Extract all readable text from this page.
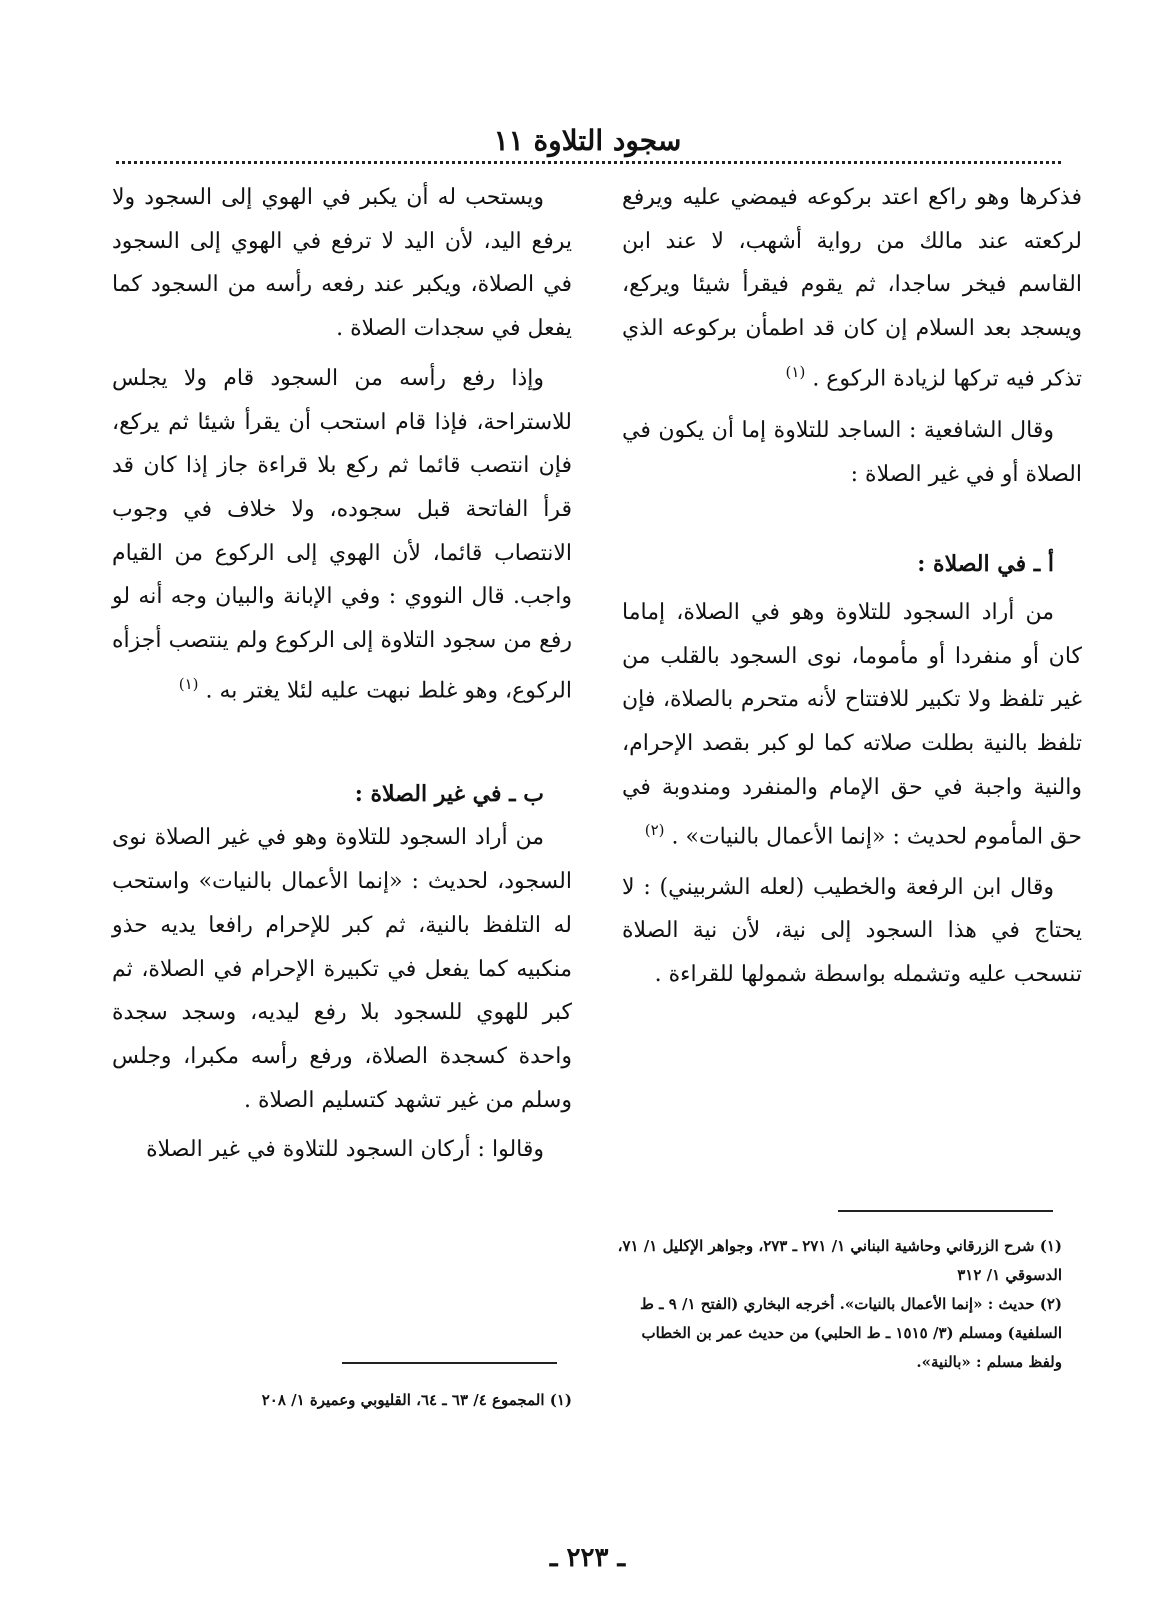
سجود التلاوة ١١

فذكرها وهو راكع اعتد بركوعه فيمضي عليه ويرفع لركعته عند مالك من رواية أشهب، لا عند ابن القاسم فيخر ساجدا، ثم يقوم فيقرأ شيئا ويركع، ويسجد بعد السلام إن كان قد اطمأن بركوعه الذي تذكر فيه تركها لزيادة الركوع . $^{(١)}$

وقال الشافعية : الساجد للتلاوة إما أن يكون في الصلاة أو في غير الصلاة :

أ ـ في الصلاة :

من أراد السجود للتلاوة وهو في الصلاة، إماما كان أو منفردا أو مأموما، نوى السجود بالقلب من غير تلفظ ولا تكبير للافتتاح لأنه متحرم بالصلاة، فإن تلفظ بالنية بطلت صلاته كما لو كبر بقصد الإحرام، والنية واجبة في حق الإمام والمنفرد ومندوبة في حق المأموم لحديث : «إنما الأعمال بالنيات» . $^{(٢)}$

وقال ابن الرفعة والخطيب (لعله الشربيني) : لا يحتاج في هذا السجود إلى نية، لأن نية الصلاة تنسحب عليه وتشمله بواسطة شمولها للقراءة .

(١) شرح الزرقاني وحاشية البناني ١/ ٢٧١ ـ ٢٧٣، وجواهر الإكليل ١/ ٧١، الدسوقي ١/ ٣١٢

(٢) حديث : «إنما الأعمال بالنيات». أخرجه البخاري (الفتح ١/ ٩ ـ ط السلفية) ومسلم (٣/ ١٥١٥ ـ ط الحلبي) من حديث عمر بن الخطاب ولفظ مسلم : «بالنية».

ويستحب له أن يكبر في الهوي إلى السجود ولا يرفع اليد، لأن اليد لا ترفع في الهوي إلى السجود في الصلاة، ويكبر عند رفعه رأسه من السجود كما يفعل في سجدات الصلاة .

وإذا رفع رأسه من السجود قام ولا يجلس للاستراحة، فإذا قام استحب أن يقرأ شيئا ثم يركع، فإن انتصب قائما ثم ركع بلا قراءة جاز إذا كان قد قرأ الفاتحة قبل سجوده، ولا خلاف في وجوب الانتصاب قائما، لأن الهوي إلى الركوع من القيام واجب. قال النووي : وفي الإبانة والبيان وجه أنه لو رفع من سجود التلاوة إلى الركوع ولم ينتصب أجزأه الركوع، وهو غلط نبهت عليه لئلا يغتر به . $^{(١)}$

ب ـ في غير الصلاة :

من أراد السجود للتلاوة وهو في غير الصلاة نوى السجود، لحديث : «إنما الأعمال بالنيات» واستحب له التلفظ بالنية، ثم كبر للإحرام رافعا يديه حذو منكبيه كما يفعل في تكبيرة الإحرام في الصلاة، ثم كبر للهوي للسجود بلا رفع ليديه، وسجد سجدة واحدة كسجدة الصلاة، ورفع رأسه مكبرا، وجلس وسلم من غير تشهد كتسليم الصلاة .

وقالوا : أركان السجود للتلاوة في غير الصلاة

(١) المجموع ٤/ ٦٣ ـ ٦٤، القليوبي وعميرة ١/ ٢٠٨

ـ ٢٢٣ ـ
